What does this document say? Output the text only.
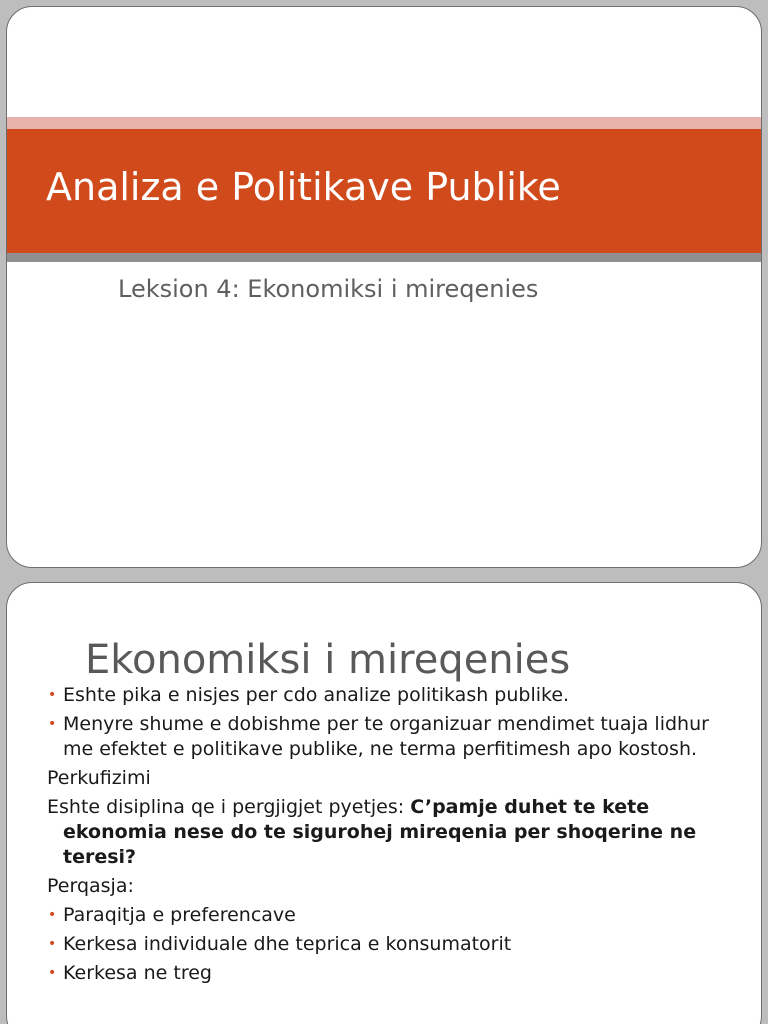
Analiza e Politikave Publike

Leksion 4: Ekonomiksi i mireqenies

Ekonomiksi i mireqenies
• Eshte pika e nisjes per cdo analize politikash publike.
• Menyre shume e dobishme per te organizuar mendimet tuaja lidhur me efektet e politikave publike, ne terma perfitimesh apo kostosh.
Perkufizimi
Eshte disiplina qe i pergjigjet pyetjes: C’pamje duhet te kete ekonomia nese do te sigurohej mireqenia per shoqerine ne teresi?
Perqasja:
• Paraqitja e preferencave
• Kerkesa individuale dhe teprica e konsumatorit
• Kerkesa ne treg
